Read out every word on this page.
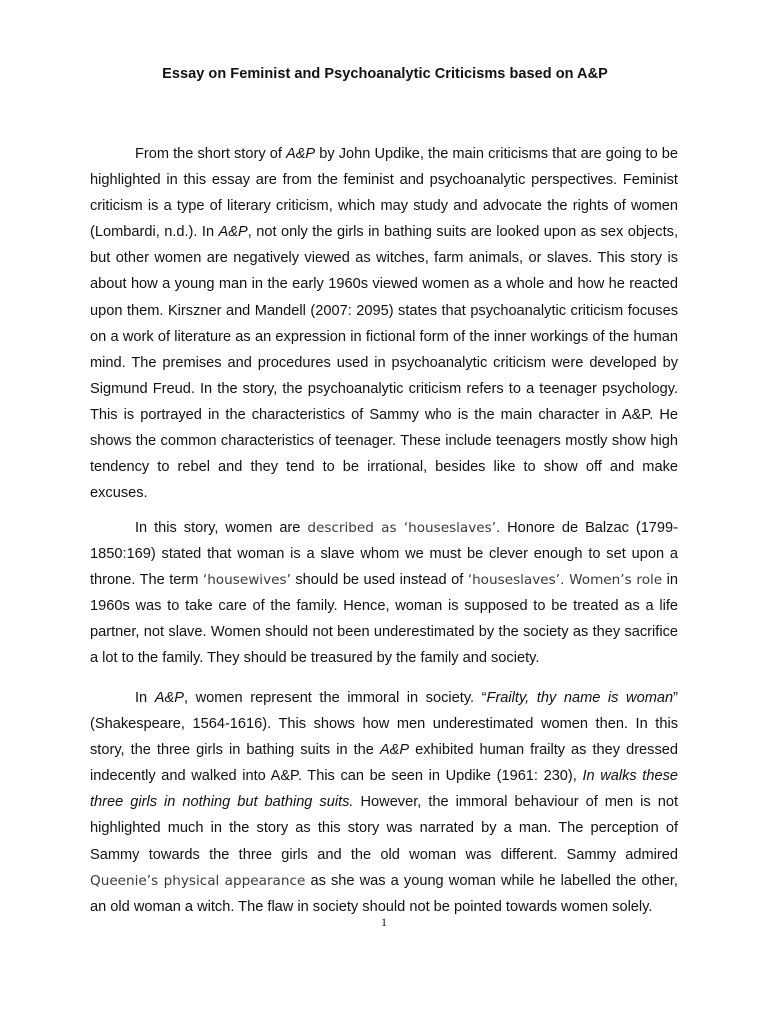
Essay on Feminist and Psychoanalytic Criticisms based on A&P

From the short story of A&P by John Updike, the main criticisms that are going to be highlighted in this essay are from the feminist and psychoanalytic perspectives. Feminist criticism is a type of literary criticism, which may study and advocate the rights of women (Lombardi, n.d.). In A&P, not only the girls in bathing suits are looked upon as sex objects, but other women are negatively viewed as witches, farm animals, or slaves. This story is about how a young man in the early 1960s viewed women as a whole and how he reacted upon them. Kirszner and Mandell (2007: 2095) states that psychoanalytic criticism focuses on a work of literature as an expression in fictional form of the inner workings of the human mind. The premises and procedures used in psychoanalytic criticism were developed by Sigmund Freud. In the story, the psychoanalytic criticism refers to a teenager psychology. This is portrayed in the characteristics of Sammy who is the main character in A&P. He shows the common characteristics of teenager. These include teenagers mostly show high tendency to rebel and they tend to be irrational, besides like to show off and make excuses.

In this story, women are described as ‘houseslaves’. Honore de Balzac (1799-1850:169) stated that woman is a slave whom we must be clever enough to set upon a throne. The term ‘housewives’ should be used instead of ‘houseslaves’. Women’s role in 1960s was to take care of the family. Hence, woman is supposed to be treated as a life partner, not slave. Women should not been underestimated by the society as they sacrifice a lot to the family. They should be treasured by the family and society.

In A&P, women represent the immoral in society. “Frailty, thy name is woman” (Shakespeare, 1564-1616). This shows how men underestimated women then. In this story, the three girls in bathing suits in the A&P exhibited human frailty as they dressed indecently and walked into A&P. This can be seen in Updike (1961: 230), In walks these three girls in nothing but bathing suits. However, the immoral behaviour of men is not highlighted much in the story as this story was narrated by a man. The perception of Sammy towards the three girls and the old woman was different. Sammy admired Queenie’s physical appearance as she was a young woman while he labelled the other, an old woman a witch. The flaw in society should not be pointed towards women solely.

1
